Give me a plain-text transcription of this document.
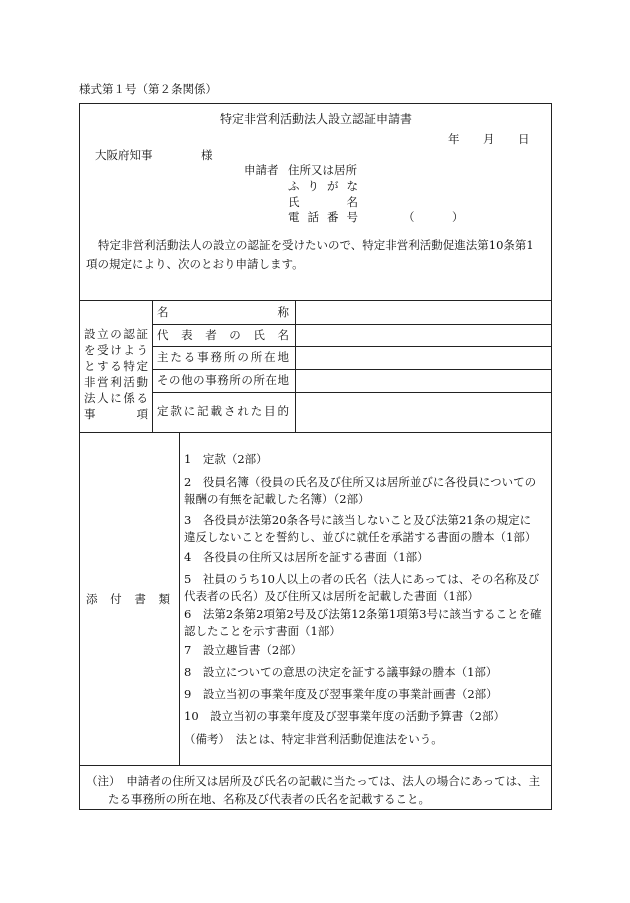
様式第１号（第２条関係）
特定非営利活動法人設立認証申請書
年 月 日
大阪府知事	様
申請者 住所又は居所
ふりがな
氏名
電話番号	（	）
特定非営利活動法人の設立の認証を受けたいので、特定非営利活動促進法第10条第1項の規定により、次のとおり申請します。
設立の認証を受けようとする特定非営利活動法人に係る事項
名称
代表者の氏名
主たる事務所の所在地
その他の事務所の所在地
定款に記載された目的
添付書類
1　定款（2部）
2　役員名簿（役員の氏名及び住所又は居所並びに各役員についての報酬の有無を記載した名簿）（2部）
3　各役員が法第20条各号に該当しないこと及び法第21条の規定に違反しないことを誓約し、並びに就任を承諾する書面の謄本（1部）
4　各役員の住所又は居所を証する書面（1部）
5　社員のうち10人以上の者の氏名（法人にあっては、その名称及び代表者の氏名）及び住所又は居所を記載した書面（1部）
6　法第2条第2項第2号及び法第12条第1項第3号に該当することを確認したことを示す書面（1部）
7　設立趣旨書（2部）
8　設立についての意思の決定を証する議事録の謄本（1部）
9　設立当初の事業年度及び翌事業年度の事業計画書（2部）
10　設立当初の事業年度及び翌事業年度の活動予算書（2部）
（備考）　法とは、特定非営利活動促進法をいう。
（注）　申請者の住所又は居所及び氏名の記載に当たっては、法人の場合にあっては、主たる事務所の所在地、名称及び代表者の氏名を記載すること。
